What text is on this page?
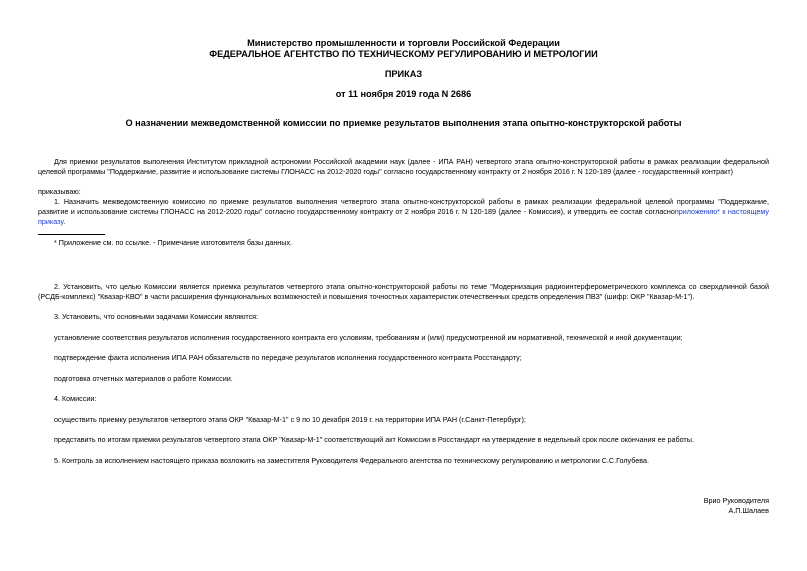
Министерство промышленности и торговли Российской Федерации
ФЕДЕРАЛЬНОЕ АГЕНТСТВО ПО ТЕХНИЧЕСКОМУ РЕГУЛИРОВАНИЮ И МЕТРОЛОГИИ
ПРИКАЗ
от 11 ноября 2019 года N 2686
О назначении межведомственной комиссии по приемке результатов выполнения этапа опытно-конструкторской работы
Для приемки результатов выполнения Институтом прикладной астрономии Российской академии наук (далее - ИПА РАН) четвертого этапа опытно-конструкторской работы в рамках реализации федеральной
целевой программы "Поддержание, развитие и использование системы ГЛОНАСС на 2012-2020 годы" согласно государственному контракту от 2 ноября 2016 г. N 120-189 (далее - государственный контракт)
приказываю:
1. Назначить межведомственную комиссию по приемке результатов выполнения четвертого этапа опытно-конструкторской работы в рамках реализации федеральной целевой программы "Поддержание,
развитие и использование системы ГЛОНАСС на 2012-2020 годы" согласно государственному контракту от 2 ноября 2016 г. N 120-189 (далее - Комиссия), и утвердить ее состав согласноприложению* к настоящему
приказу.
* Приложение см. по ссылке. - Примечание изготовителя базы данных.
2. Установить, что целью Комиссии является приемка результатов четвертого этапа опытно-конструкторской работы по теме "Модернизация радиоинтерферометрического комплекса со сверхдлинной базой
(РСДБ-комплекс) "Квазар-КВО" в части расширения функциональных возможностей и повышения точностных характеристик отечественных средств определения ПВЗ" (шифр: ОКР "Квазар-М-1").
3. Установить, что основными задачами Комиссии являются:
установление соответствия результатов исполнения государственного контракта его условиям, требованиям и (или) предусмотренной им нормативной, технической и иной документации;
подтверждение факта исполнения ИПА РАН обязательств по передаче результатов исполнения государственного контракта Росстандарту;
подготовка отчетных материалов о работе Комиссии.
4. Комиссии:
осуществить приемку результатов четвертого этапа ОКР "Квазар-М-1" с 9 по 10 декабря 2019 г. на территории ИПА РАН (г.Санкт-Петербург);
представить по итогам приемки результатов четвертого этапа ОКР "Квазар-М-1" соответствующий акт Комиссии в Росстандарт на утверждение в недельный срок после окончания ее работы.
5. Контроль за исполнением настоящего приказа возложить на заместителя Руководителя Федерального агентства по техническому регулированию и метрологии С.С.Голубева.
Врио Руководителя
А.П.Шалаев
